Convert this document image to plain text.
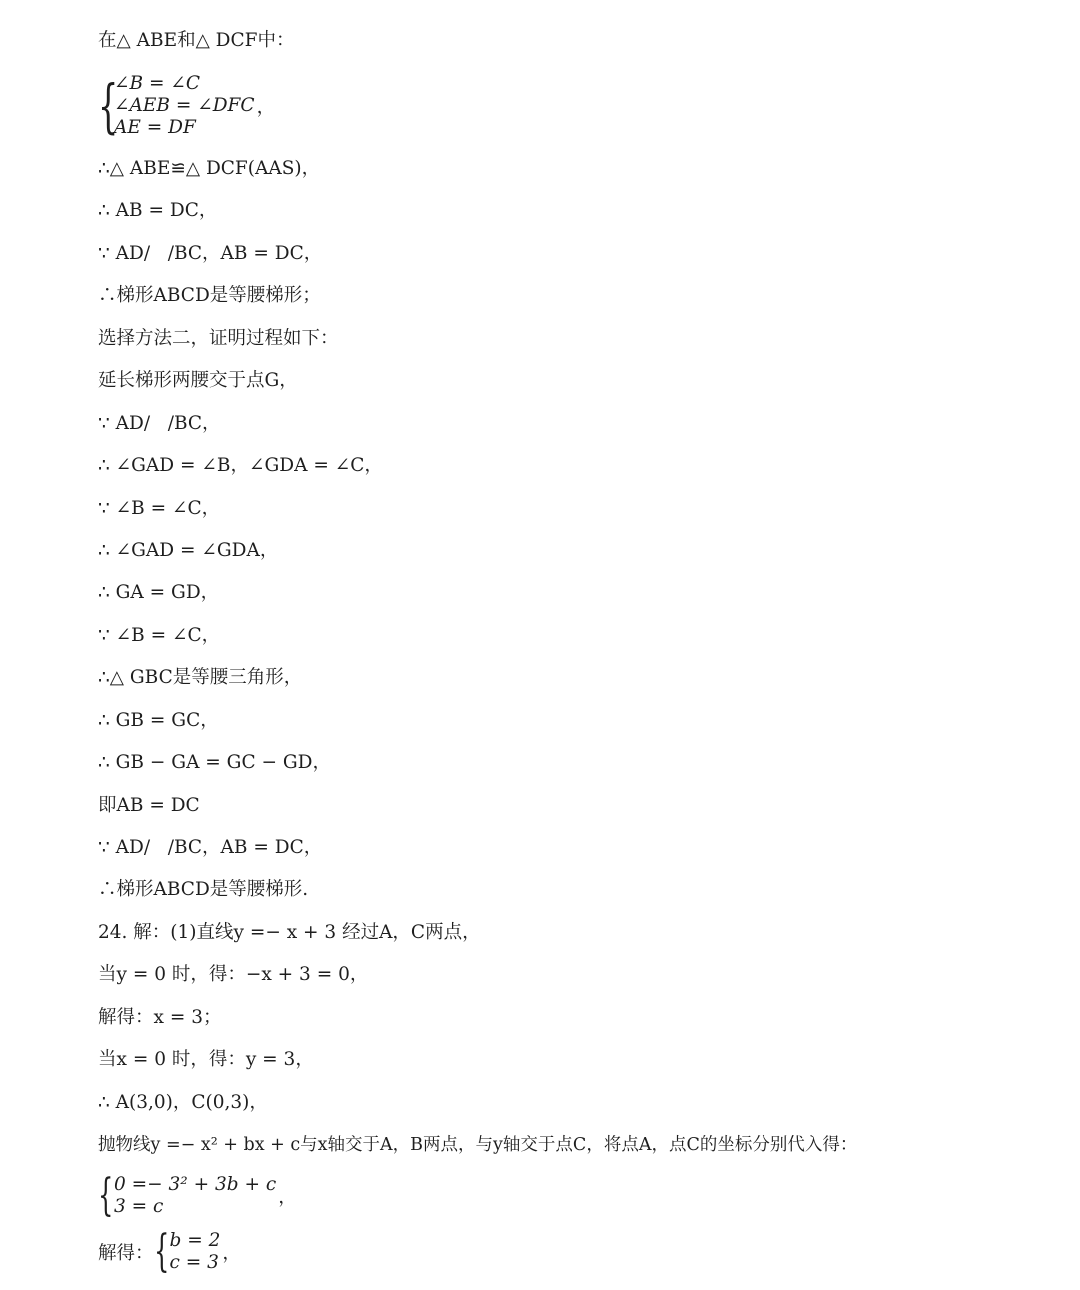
在△ ABE和△ DCF中：
{
∠B = ∠C
∠AEB = ∠DFC
AE = DF
，
∴△ ABE≌△ DCF(AAS)，
∴ AB = DC，
∵ AD/   /BC，AB = DC，
∴梯形ABCD是等腰梯形；
选择方法二，证明过程如下：
延长梯形两腰交于点G，
∵ AD/   /BC，
∴ ∠GAD = ∠B，∠GDA = ∠C，
∵ ∠B = ∠C，
∴ ∠GAD = ∠GDA，
∴ GA = GD，
∵ ∠B = ∠C，
∴△ GBC是等腰三角形，
∴ GB = GC，
∴ GB − GA = GC − GD，
即AB = DC
∵ AD/   /BC，AB = DC，
∴梯形ABCD是等腰梯形.
24. 解：(1)直线y =− x + 3 经过A，C两点，
当y = 0 时，得：−x + 3 = 0，
解得：x = 3；
当x = 0 时，得：y = 3，
∴ A(3,0)，C(0,3)，
抛物线y =− x² + bx + c与x轴交于A，B两点，与y轴交于点C，将点A，点C的坐标分别代入得：
{ 0 =− 3² + 3b + c
3 = c	，
解得： { b = 2
c = 3 ，
